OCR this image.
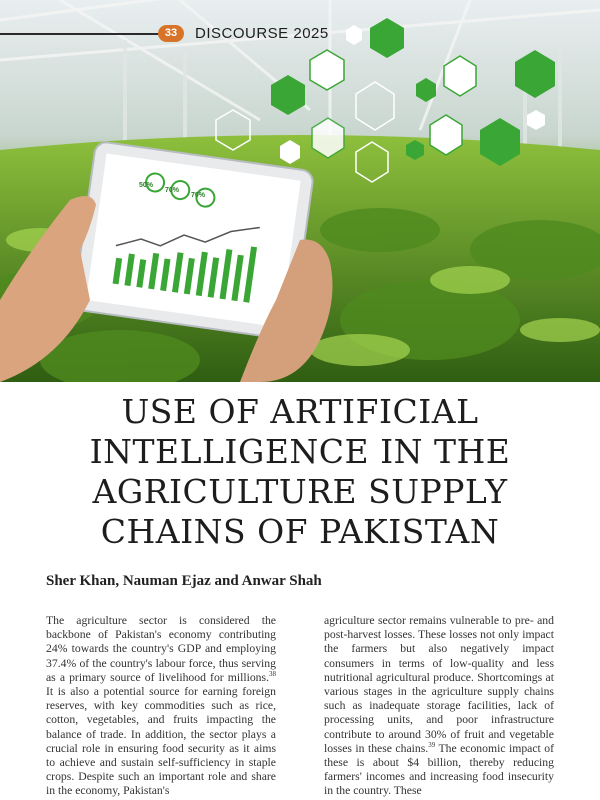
50%
70%
70%
33	DISCOURSE 2025
USE OF ARTIFICIAL INTELLIGENCE IN THE AGRICULTURE SUPPLY CHAINS OF PAKISTAN

Sher Khan, Nauman Ejaz and Anwar Shah

The agriculture sector is considered the backbone of Pakistan's economy contributing 24% towards the country's GDP and employing 37.4% of the country's labour force, thus serving as a primary source of livelihood for millions.$^{38}$ It is also a potential source for earning foreign reserves, with key commodities such as rice, cotton, vegetables, and fruits impacting the balance of trade. In addition, the sector plays a crucial role in ensuring food security as it aims to achieve and sustain self-sufficiency in staple crops. Despite such an important role and share in the economy, Pakistan's

agriculture sector remains vulnerable to pre- and post-harvest losses. These losses not only impact the farmers but also negatively impact consumers in terms of low-quality and less nutritional agricultural produce. Shortcomings at various stages in the agriculture supply chains such as inadequate storage facilities, lack of processing units, and poor infrastructure contribute to around 30% of fruit and vegetable losses in these chains.$^{39}$ The economic impact of these is about $4 billion, thereby reducing farmers' incomes and increasing food insecurity in the country. These
